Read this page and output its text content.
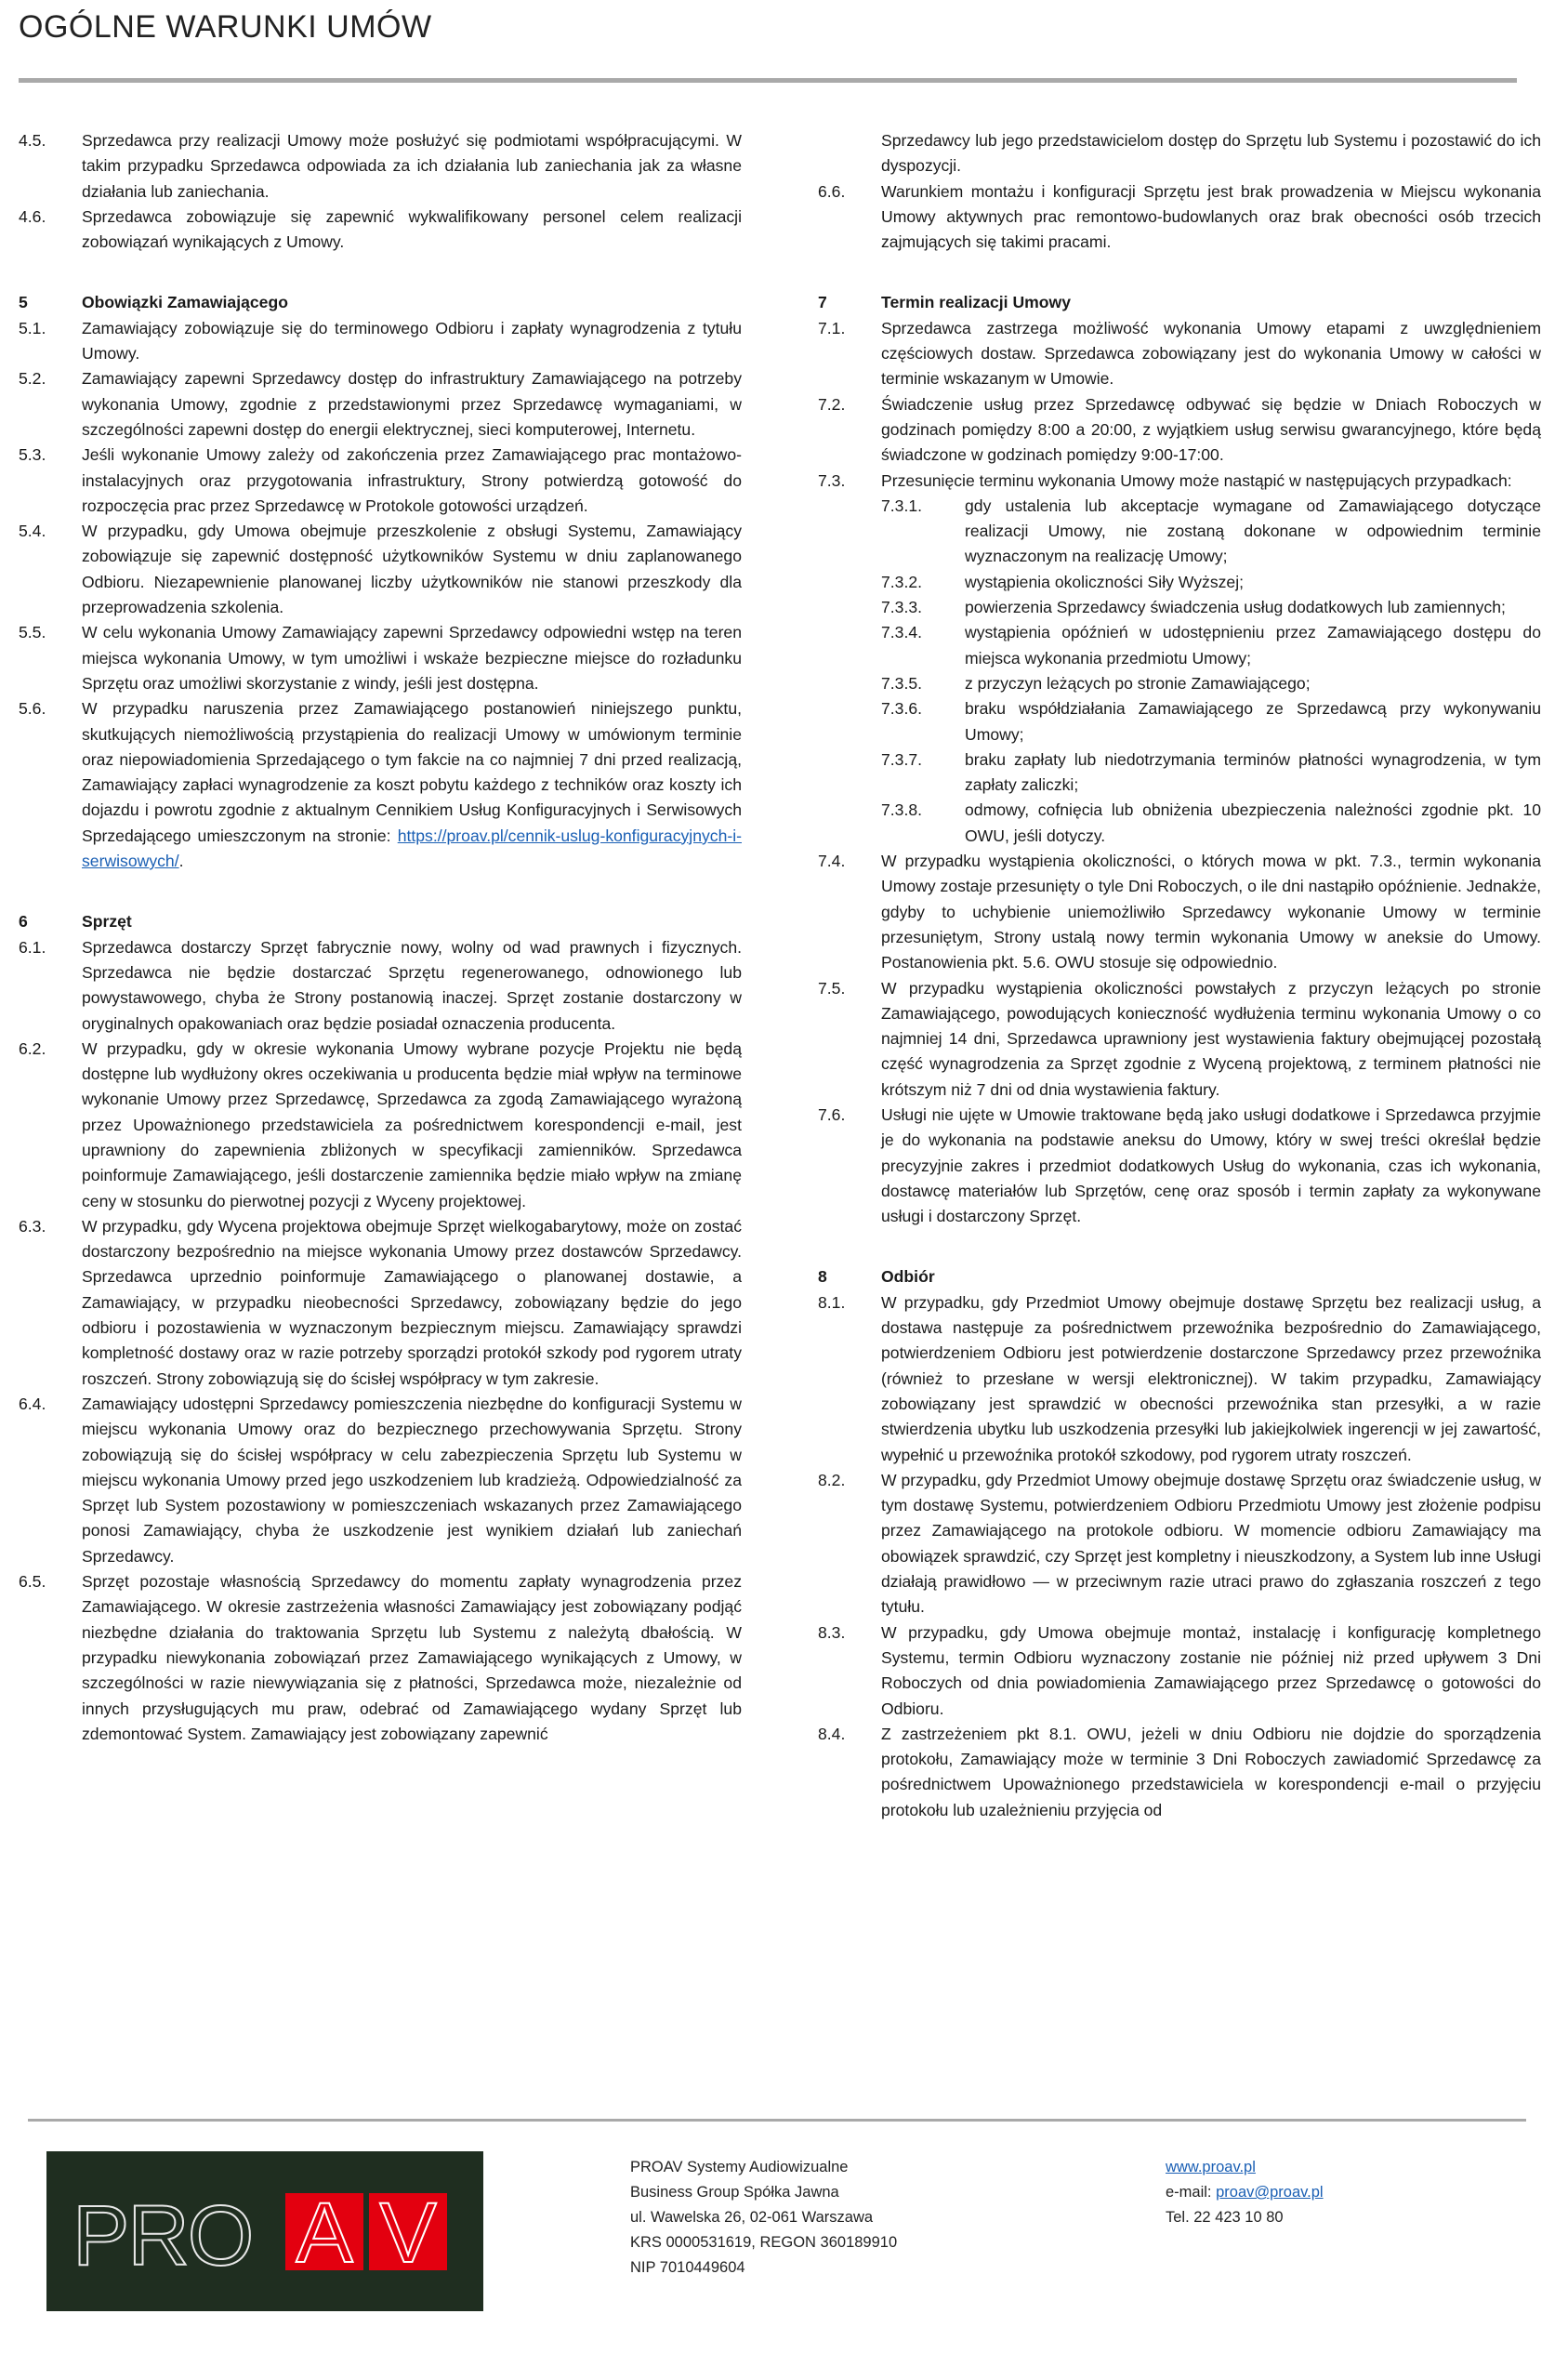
OGÓLNE WARUNKI UMÓW
4.5.	Sprzedawca przy realizacji Umowy może posłużyć się podmiotami współpracującymi. W takim przypadku Sprzedawca odpowiada za ich działania lub zaniechania jak za własne działania lub zaniechania.
4.6.	Sprzedawca zobowiązuje się zapewnić wykwalifikowany personel celem realizacji zobowiązań wynikających z Umowy.
5	Obowiązki Zamawiającego
5.1.	Zamawiający zobowiązuje się do terminowego Odbioru i zapłaty wynagrodzenia z tytułu Umowy.
5.2.	Zamawiający zapewni Sprzedawcy dostęp do infrastruktury Zamawiającego na potrzeby wykonania Umowy, zgodnie z przedstawionymi przez Sprzedawcę wymaganiami, w szczególności zapewni dostęp do energii elektrycznej, sieci komputerowej, Internetu.
5.3.	Jeśli wykonanie Umowy zależy od zakończenia przez Zamawiającego prac montażowo-instalacyjnych oraz przygotowania infrastruktury, Strony potwierdzą gotowość do rozpoczęcia prac przez Sprzedawcę w Protokole gotowości urządzeń.
5.4.	W przypadku, gdy Umowa obejmuje przeszkolenie z obsługi Systemu, Zamawiający zobowiązuje się zapewnić dostępność użytkowników Systemu w dniu zaplanowanego Odbioru. Niezapewnienie planowanej liczby użytkowników nie stanowi przeszkody dla przeprowadzenia szkolenia.
5.5.	W celu wykonania Umowy Zamawiający zapewni Sprzedawcy odpowiedni wstęp na teren miejsca wykonania Umowy, w tym umożliwi i wskaże bezpieczne miejsce do rozładunku Sprzętu oraz umożliwi skorzystanie z windy, jeśli jest dostępna.
5.6.	W przypadku naruszenia przez Zamawiającego postanowień niniejszego punktu, skutkujących niemożliwością przystąpienia do realizacji Umowy w umówionym terminie oraz niepowiadomienia Sprzedającego o tym fakcie na co najmniej 7 dni przed realizacją, Zamawiający zapłaci wynagrodzenie za koszt pobytu każdego z techników oraz koszty ich dojazdu i powrotu zgodnie z aktualnym Cennikiem Usług Konfiguracyjnych i Serwisowych Sprzedającego umieszczonym na stronie: https://proav.pl/cennik-uslug-konfiguracyjnych-i-serwisowych/.
6	Sprzęt
6.1.	Sprzedawca dostarczy Sprzęt fabrycznie nowy, wolny od wad prawnych i fizycznych. Sprzedawca nie będzie dostarczać Sprzętu regenerowanego, odnowionego lub powystawowego, chyba że Strony postanowią inaczej. Sprzęt zostanie dostarczony w oryginalnych opakowaniach oraz będzie posiadał oznaczenia producenta.
6.2.	W przypadku, gdy w okresie wykonania Umowy wybrane pozycje Projektu nie będą dostępne lub wydłużony okres oczekiwania u producenta będzie miał wpływ na terminowe wykonanie Umowy przez Sprzedawcę, Sprzedawca za zgodą Zamawiającego wyrażoną przez Upoważnionego przedstawiciela za pośrednictwem korespondencji e-mail, jest uprawniony do zapewnienia zbliżonych w specyfikacji zamienników. Sprzedawca poinformuje Zamawiającego, jeśli dostarczenie zamiennika będzie miało wpływ na zmianę ceny w stosunku do pierwotnej pozycji z Wyceny projektowej.
6.3.	W przypadku, gdy Wycena projektowa obejmuje Sprzęt wielkogabarytowy, może on zostać dostarczony bezpośrednio na miejsce wykonania Umowy przez dostawców Sprzedawcy. Sprzedawca uprzednio poinformuje Zamawiającego o planowanej dostawie, a Zamawiający, w przypadku nieobecności Sprzedawcy, zobowiązany będzie do jego odbioru i pozostawienia w wyznaczonym bezpiecznym miejscu. Zamawiający sprawdzi kompletność dostawy oraz w razie potrzeby sporządzi protokół szkody pod rygorem utraty roszczeń. Strony zobowiązują się do ścisłej współpracy w tym zakresie.
6.4.	Zamawiający udostępni Sprzedawcy pomieszczenia niezbędne do konfiguracji Systemu w miejscu wykonania Umowy oraz do bezpiecznego przechowywania Sprzętu. Strony zobowiązują się do ścisłej współpracy w celu zabezpieczenia Sprzętu lub Systemu w miejscu wykonania Umowy przed jego uszkodzeniem lub kradzieżą. Odpowiedzialność za Sprzęt lub System pozostawiony w pomieszczeniach wskazanych przez Zamawiającego ponosi Zamawiający, chyba że uszkodzenie jest wynikiem działań lub zaniechań Sprzedawcy.
6.5.	Sprzęt pozostaje własnością Sprzedawcy do momentu zapłaty wynagrodzenia przez Zamawiającego. W okresie zastrzeżenia własności Zamawiający jest zobowiązany podjąć niezbędne działania do traktowania Sprzętu lub Systemu z należytą dbałością. W przypadku niewykonania zobowiązań przez Zamawiającego wynikających z Umowy, w szczególności w razie niewywiązania się z płatności, Sprzedawca może, niezależnie od innych przysługujących mu praw, odebrać od Zamawiającego wydany Sprzęt lub zdemontować System. Zamawiający jest zobowiązany zapewnić
Sprzedawcy lub jego przedstawicielom dostęp do Sprzętu lub Systemu i pozostawić do ich dyspozycji.
6.6.	Warunkiem montażu i konfiguracji Sprzętu jest brak prowadzenia w Miejscu wykonania Umowy aktywnych prac remontowo-budowlanych oraz brak obecności osób trzecich zajmujących się takimi pracami.
7	Termin realizacji Umowy
7.1.	Sprzedawca zastrzega możliwość wykonania Umowy etapami z uwzględnieniem częściowych dostaw. Sprzedawca zobowiązany jest do wykonania Umowy w całości w terminie wskazanym w Umowie.
7.2.	Świadczenie usług przez Sprzedawcę odbywać się będzie w Dniach Roboczych w godzinach pomiędzy 8:00 a 20:00, z wyjątkiem usług serwisu gwarancyjnego, które będą świadczone w godzinach pomiędzy 9:00-17:00.
7.3.	Przesunięcie terminu wykonania Umowy może nastąpić w następujących przypadkach:
7.3.1.	gdy ustalenia lub akceptacje wymagane od Zamawiającego dotyczące realizacji Umowy, nie zostaną dokonane w odpowiednim terminie wyznaczonym na realizację Umowy;
7.3.2.	wystąpienia okoliczności Siły Wyższej;
7.3.3.	powierzenia Sprzedawcy świadczenia usług dodatkowych lub zamiennych;
7.3.4.	wystąpienia opóźnień w udostępnieniu przez Zamawiającego dostępu do miejsca wykonania przedmiotu Umowy;
7.3.5.	z przyczyn leżących po stronie Zamawiającego;
7.3.6.	braku współdziałania Zamawiającego ze Sprzedawcą przy wykonywaniu Umowy;
7.3.7.	braku zapłaty lub niedotrzymania terminów płatności wynagrodzenia, w tym zapłaty zaliczki;
7.3.8.	odmowy, cofnięcia lub obniżenia ubezpieczenia należności zgodnie pkt. 10 OWU, jeśli dotyczy.
7.4.	W przypadku wystąpienia okoliczności, o których mowa w pkt. 7.3., termin wykonania Umowy zostaje przesunięty o tyle Dni Roboczych, o ile dni nastąpiło opóźnienie. Jednakże, gdyby to uchybienie uniemożliwiło Sprzedawcy wykonanie Umowy w terminie przesuniętym, Strony ustalą nowy termin wykonania Umowy w aneksie do Umowy. Postanowienia pkt. 5.6. OWU stosuje się odpowiednio.
7.5.	W przypadku wystąpienia okoliczności powstałych z przyczyn leżących po stronie Zamawiającego, powodujących konieczność wydłużenia terminu wykonania Umowy o co najmniej 14 dni, Sprzedawca uprawniony jest wystawienia faktury obejmującej pozostałą część wynagrodzenia za Sprzęt zgodnie z Wyceną projektową, z terminem płatności nie krótszym niż 7 dni od dnia wystawienia faktury.
7.6.	Usługi nie ujęte w Umowie traktowane będą jako usługi dodatkowe i Sprzedawca przyjmie je do wykonania na podstawie aneksu do Umowy, który w swej treści określał będzie precyzyjnie zakres i przedmiot dodatkowych Usług do wykonania, czas ich wykonania, dostawcę materiałów lub Sprzętów, cenę oraz sposób i termin zapłaty za wykonywane usługi i dostarczony Sprzęt.
8	Odbiór
8.1.	W przypadku, gdy Przedmiot Umowy obejmuje dostawę Sprzętu bez realizacji usług, a dostawa następuje za pośrednictwem przewoźnika bezpośrednio do Zamawiającego, potwierdzeniem Odbioru jest potwierdzenie dostarczone Sprzedawcy przez przewoźnika (również to przesłane w wersji elektronicznej). W takim przypadku, Zamawiający zobowiązany jest sprawdzić w obecności przewoźnika stan przesyłki, a w razie stwierdzenia ubytku lub uszkodzenia przesyłki lub jakiejkolwiek ingerencji w jej zawartość, wypełnić u przewoźnika protokół szkodowy, pod rygorem utraty roszczeń.
8.2.	W przypadku, gdy Przedmiot Umowy obejmuje dostawę Sprzętu oraz świadczenie usług, w tym dostawę Systemu, potwierdzeniem Odbioru Przedmiotu Umowy jest złożenie podpisu przez Zamawiającego na protokole odbioru. W momencie odbioru Zamawiający ma obowiązek sprawdzić, czy Sprzęt jest kompletny i nieuszkodzony, a System lub inne Usługi działają prawidłowo — w przeciwnym razie utraci prawo do zgłaszania roszczeń z tego tytułu.
8.3.	W przypadku, gdy Umowa obejmuje montaż, instalację i konfigurację kompletnego Systemu, termin Odbioru wyznaczony zostanie nie później niż przed upływem 3 Dni Roboczych od dnia powiadomienia Zamawiającego przez Sprzedawcę o gotowości do Odbioru.
8.4.	Z zastrzeżeniem pkt 8.1. OWU, jeżeli w dniu Odbioru nie dojdzie do sporządzenia protokołu, Zamawiający może w terminie 3 Dni Roboczych zawiadomić Sprzedawcę za pośrednictwem Upoważnionego przedstawiciela w korespondencji e-mail o przyjęciu protokołu lub uzależnieniu przyjęcia od
PRO A V
PROAV Systemy Audiowizualne
Business Group Spółka Jawna
ul. Wawelska 26, 02-061 Warszawa
KRS 0000531619, REGON 360189910
NIP 7010449604
www.proav.pl
e-mail: proav@proav.pl
Tel. 22 423 10 80
